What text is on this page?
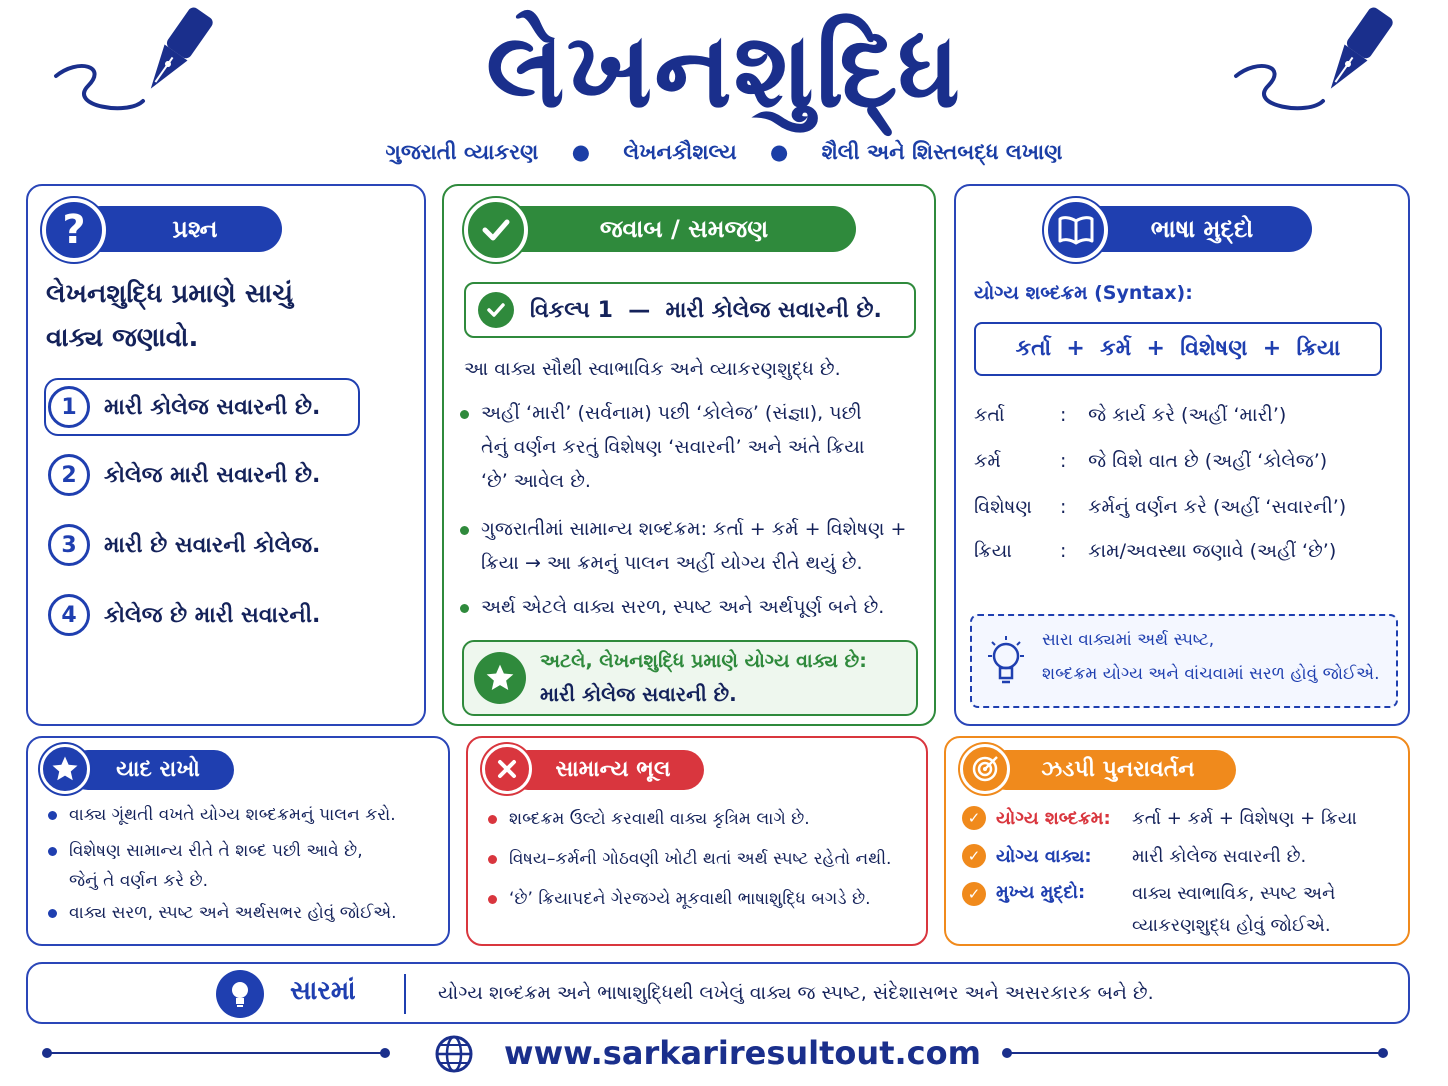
લેખનશુદ્ધિ
ગુજરાતી વ્યાકરણ ● લેખનકૌશલ્ય ● શૈલી અને શિસ્તબદ્ધ લખાણ
પ્રશ્ન
?
લેખનશુદ્ધિ પ્રમાણે સાચું
વાક્ય જણાવો.
1	મારી કોલેજ સવારની છે.
2	કોલેજ મારી સવારની છે.
3	મારી છે સવારની કોલેજ.
4	કોલેજ છે મારી સવારની.
જવાબ / સમજણ
વિકલ્પ 1  —  મારી કોલેજ સવારની છે.
આ વાક્ય સૌથી સ્વાભાવિક અને વ્યાકરણશુદ્ધ છે.
અહીં ‘મારી’ (સર્વનામ) પછી ‘કોલેજ’ (સંજ્ઞા), પછી
તેનું વર્ણન કરતું વિશેષણ ‘સવારની’ અને અંતે ક્રિયા
‘છે’ આવેલ છે.
ગુજરાતીમાં સામાન્ય શબ્દક્રમ: કર્તા + કર્મ + વિશેષણ +
ક્રિયા → આ ક્રમનું પાલન અહીં યોગ્ય રીતે થયું છે.
અર્થ એટલે વાક્ય સરળ, સ્પષ્ટ અને અર્થપૂર્ણ બને છે.
અટલે, લેખનશુદ્ધિ પ્રમાણે યોગ્ય વાક્ય છે:
મારી કોલેજ સવારની છે.
ભાષા મુદ્દો
યોગ્ય શબ્દક્રમ (Syntax):
કર્તા  +  કર્મ  +  વિશેષણ  +  ક્રિયા
કર્તા	: જે કાર્ય કરે (અહીં ‘મારી’)
કર્મ	: જે વિશે વાત છે (અહીં ‘કોલેજ’)
વિશેષણ : કર્મનું વર્ણન કરે (અહીં ‘સવારની’)
ક્રિયા	: કામ/અવસ્થા જણાવે (અહીં ‘છે’)
સારા વાક્યમાં અર્થ સ્પષ્ટ,
શબ્દક્રમ યોગ્ય અને વાંચવામાં સરળ હોવું જોઈએ.
યાદ રાખો
વાક્ય ગૂંથતી વખતે યોગ્ય શબ્દક્રમનું પાલન કરો.
વિશેષણ સામાન્ય રીતે તે શબ્દ પછી આવે છે,
જેનું તે વર્ણન કરે છે.
વાક્ય સરળ, સ્પષ્ટ અને અર્થસભર હોવું જોઈએ.
સામાન્ય ભૂલ
શબ્દક્રમ ઉલ્ટો કરવાથી વાક્ય કૃત્રિમ લાગે છે.
વિષય–કર્મની ગોઠવણી ખોટી થતાં અર્થ સ્પષ્ટ રહેતો નથી.
‘છે’ ક્રિયાપદને ગેરજગ્યે મૂકવાથી ભાષાશુદ્ધિ બગડે છે.
ઝડપી પુનરાવર્તન
✓ યોગ્ય શબ્દક્રમ:	કર્તા + કર્મ + વિશેષણ + ક્રિયા
✓ યોગ્ય વાક્ય:	મારી કોલેજ સવારની છે.
✓ મુખ્ય મુદ્દો:	વાક્ય સ્વાભાવિક, સ્પષ્ટ અને
વ્યાકરણશુદ્ધ હોવું જોઈએ.
સારમાં	યોગ્ય શબ્દક્રમ અને ભાષાશુદ્ધિથી લખેલું વાક્ય જ સ્પષ્ટ, સંદેશાસભર અને અસરકારક બને છે.
www.sarkariresultout.com
